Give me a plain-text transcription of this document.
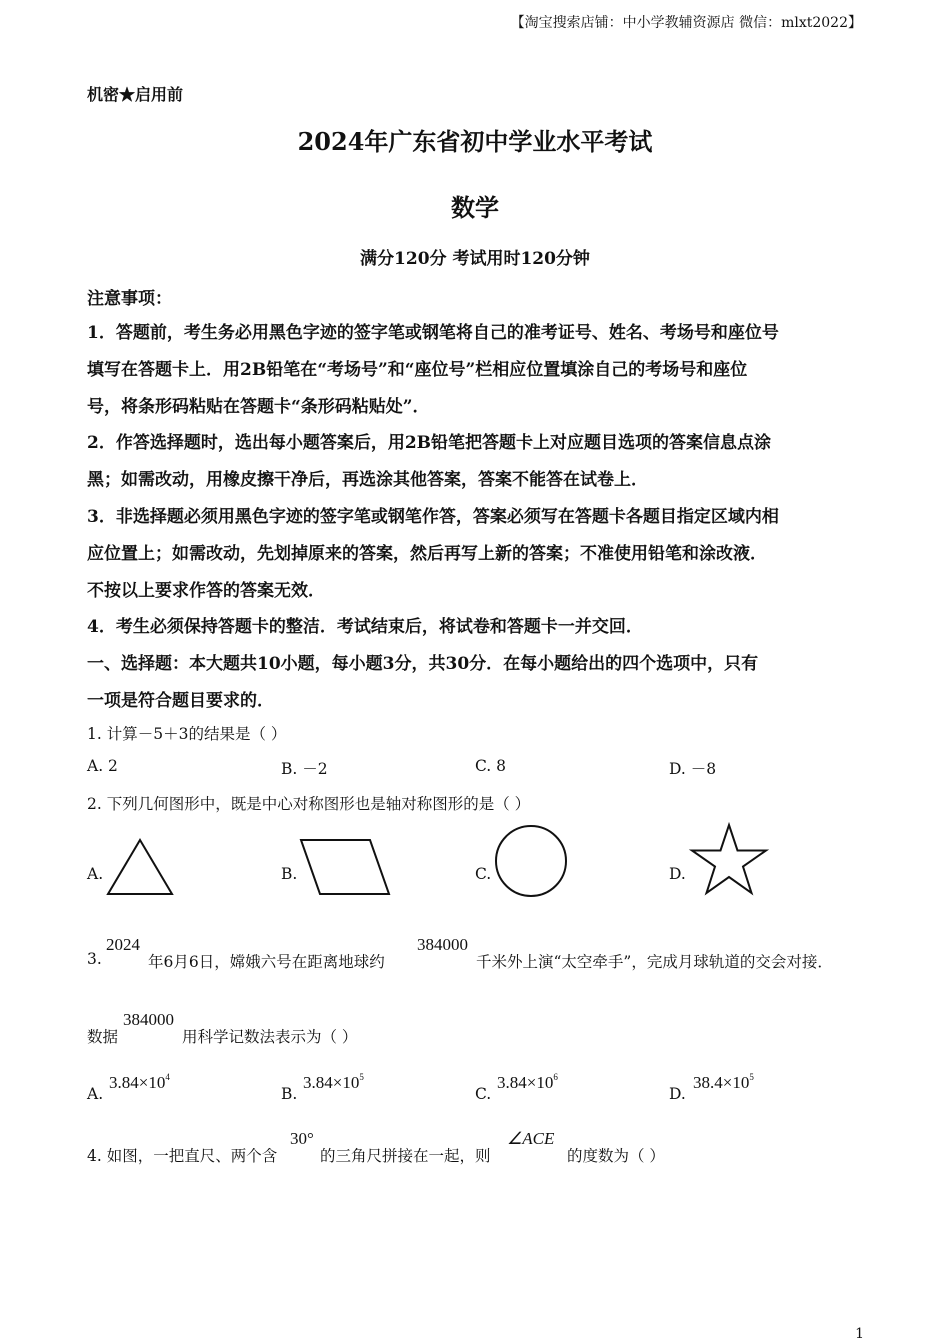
【淘宝搜索店铺：中小学教辅资源店 微信：mlxt2022】
机密★启用前
2024年广东省初中学业水平考试
数学
满分120分 考试用时120分钟
注意事项：
1．答题前，考生务必用黑色字迹的签字笔或钢笔将自己的准考证号、姓名、考场号和座位号
填写在答题卡上．用2B铅笔在“考场号”和“座位号”栏相应位置填涂自己的考场号和座位
号，将条形码粘贴在答题卡“条形码粘贴处”．
2．作答选择题时，选出每小题答案后，用2B铅笔把答题卡上对应题目选项的答案信息点涂
黑；如需改动，用橡皮擦干净后，再选涂其他答案，答案不能答在试卷上．
3．非选择题必须用黑色字迹的签字笔或钢笔作答，答案必须写在答题卡各题目指定区域内相
应位置上；如需改动，先划掉原来的答案，然后再写上新的答案；不准使用铅笔和涂改液．
不按以上要求作答的答案无效．
4．考生必须保持答题卡的整洁．考试结束后，将试卷和答题卡一并交回．
一、选择题：本大题共10小题，每小题3分，共30分．在每小题给出的四个选项中，只有
一项是符合题目要求的．
1. 计算－5＋3的结果是（ ）
A. 2	B. －2	C. 8	D. －8
2. 下列几何图形中，既是中心对称图形也是轴对称图形的是（ ）
A.	B.	C.	D.
3.
2024
年6月6日，嫦娥六号在距离地球约
384000
千米外上演“太空牵手”，完成月球轨道的交会对接．
数据
384000
用科学记数法表示为（ ）
A.
$3.84\times 10^4$
B.
$3.84\times 10^5$
C.
$3.84\times 10^6$
D.
$38.4\times 10^5$
4. 如图，一把直尺、两个含
30°
的三角尺拼接在一起，则
∠ACE
的度数为（ ）
1
